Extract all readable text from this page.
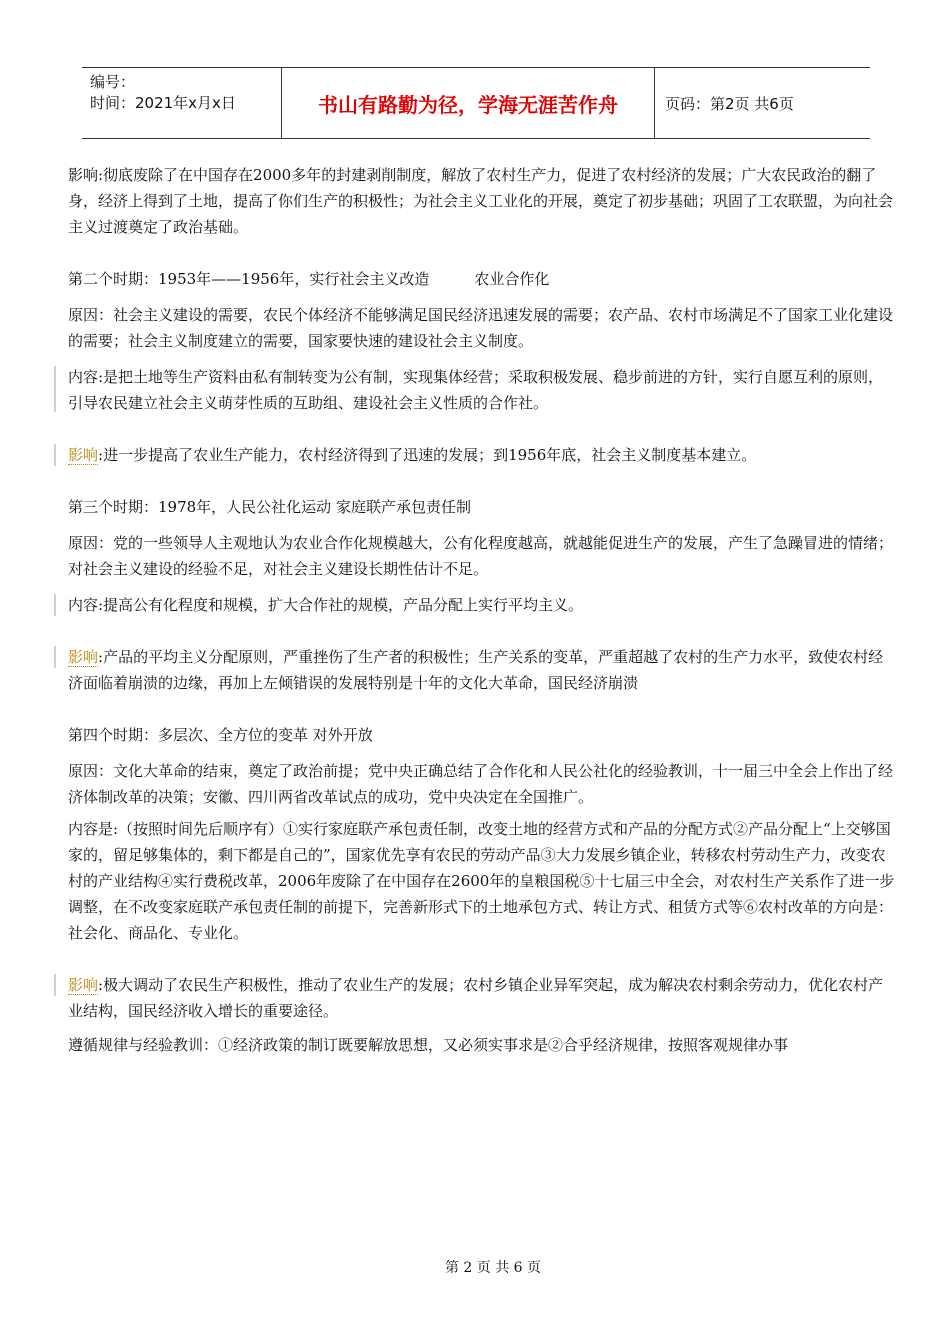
编号：
时间：2021年x月x日	书山有路勤为径，学海无涯苦作舟	页码：第2页 共6页

影响:彻底废除了在中国存在2000多年的封建剥削制度，解放了农村生产力，促进了农村经济的发展；广大农民政治的翻了身，经济上得到了土地，提高了你们生产的积极性；为社会主义工业化的开展，奠定了初步基础；巩固了工农联盟，为向社会主义过渡奠定了政治基础。

第二个时期：1953年——1956年，实行社会主义改造　　　农业合作化

原因：社会主义建设的需要，农民个体经济不能够满足国民经济迅速发展的需要；农产品、农村市场满足不了国家工业化建设的需要；社会主义制度建立的需要，国家要快速的建设社会主义制度。

内容:是把土地等生产资料由私有制转变为公有制，实现集体经营；采取积极发展、稳步前进的方针，实行自愿互利的原则，引导农民建立社会主义萌芽性质的互助组、建设社会主义性质的合作社。

影响:进一步提高了农业生产能力，农村经济得到了迅速的发展；到1956年底，社会主义制度基本建立。

第三个时期：1978年，人民公社化运动 家庭联产承包责任制

原因：党的一些领导人主观地认为农业合作化规模越大，公有化程度越高，就越能促进生产的发展，产生了急躁冒进的情绪；对社会主义建设的经验不足，对社会主义建设长期性估计不足。

内容:提高公有化程度和规模，扩大合作社的规模，产品分配上实行平均主义。

影响:产品的平均主义分配原则，严重挫伤了生产者的积极性；生产关系的变革，严重超越了农村的生产力水平，致使农村经济面临着崩溃的边缘，再加上左倾错误的发展特别是十年的文化大革命，国民经济崩溃

第四个时期：多层次、全方位的变革 对外开放

原因：文化大革命的结束，奠定了政治前提；党中央正确总结了合作化和人民公社化的经验教训，十一届三中全会上作出了经济体制改革的决策；安徽、四川两省改革试点的成功，党中央决定在全国推广。

内容是:（按照时间先后顺序有）①实行家庭联产承包责任制，改变土地的经营方式和产品的分配方式②产品分配上“上交够国家的，留足够集体的，剩下都是自己的”，国家优先享有农民的劳动产品③大力发展乡镇企业，转移农村劳动生产力，改变农村的产业结构④实行费税改革，2006年废除了在中国存在2600年的皇粮国税⑤十七届三中全会，对农村生产关系作了进一步调整，在不改变家庭联产承包责任制的前提下，完善新形式下的土地承包方式、转让方式、租赁方式等⑥农村改革的方向是：社会化、商品化、专业化。

影响:极大调动了农民生产积极性，推动了农业生产的发展；农村乡镇企业异军突起，成为解决农村剩余劳动力，优化农村产业结构，国民经济收入增长的重要途径。

遵循规律与经验教训：①经济政策的制订既要解放思想，又必须实事求是②合乎经济规律，按照客观规律办事

第 2 页 共 6 页
